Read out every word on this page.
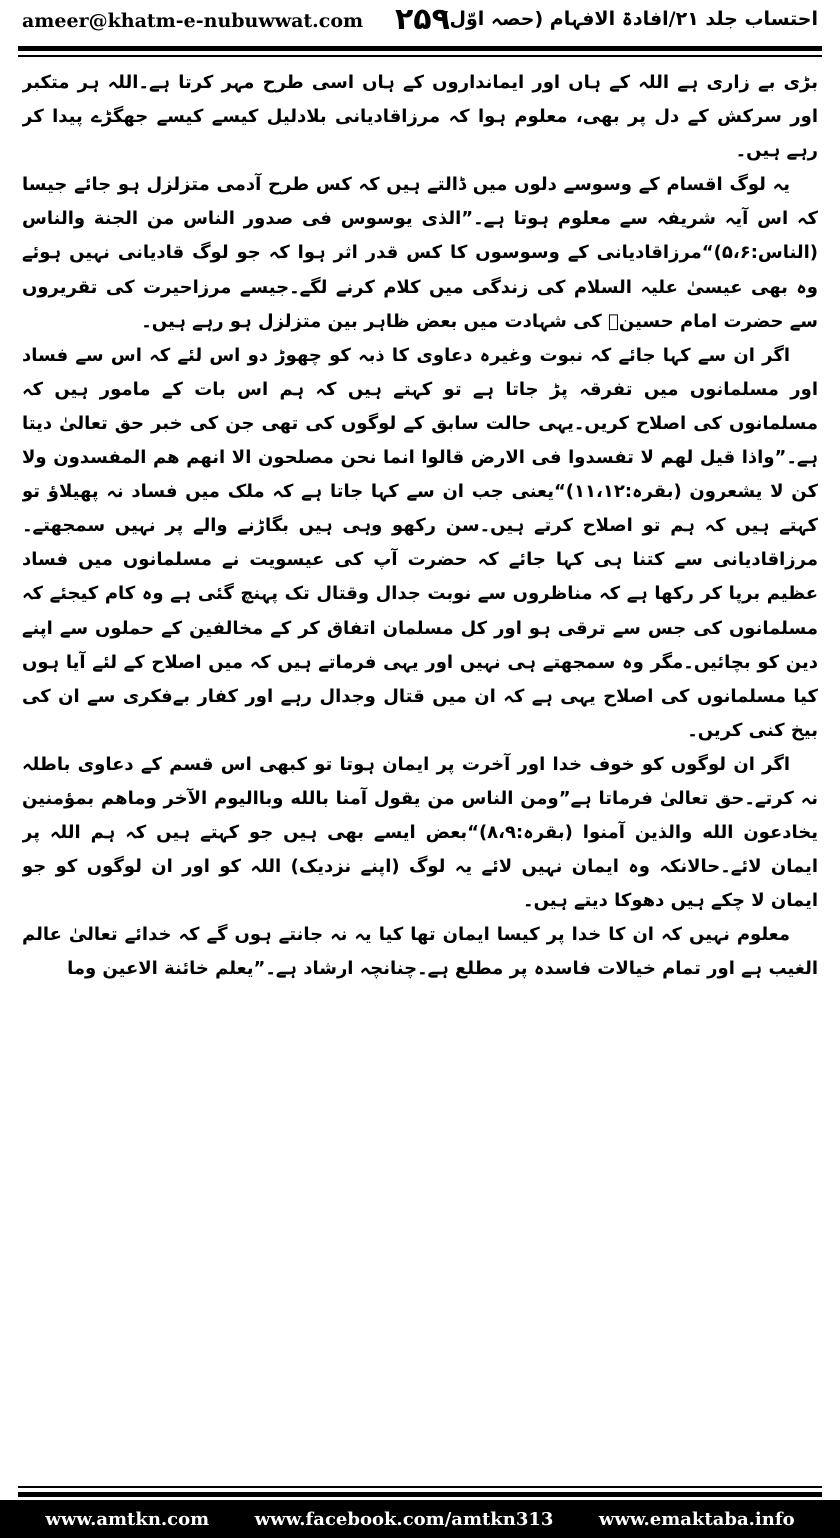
ameer@khatm-e-nubuwwat.com ۲۵۹
احتساب جلد ۲۱/افادۃ الافہام (حصہ اوّل)

بڑی بے زاری ہے اللہ کے ہاں اور ایمانداروں کے ہاں اسی طرح مہر کرتا ہے۔اللہ ہر متکبر اور سرکش کے دل پر بھی، معلوم ہوا کہ مرزاقادیانی بلادلیل کیسے کیسے جھگڑے پیدا کر رہے ہیں۔

یہ لوگ اقسام کے وسوسے دلوں میں ڈالتے ہیں کہ کس طرح آدمی متزلزل ہو جائے جیسا کہ اس آیہ شریفہ سے معلوم ہوتا ہے۔”الذی یوسوس فی صدور الناس من الجنة والناس (الناس:۵،۶)“مرزاقادیانی کے وسوسوں کا کس قدر اثر ہوا کہ جو لوگ قادیانی نہیں ہوئے وہ بھی عیسیٰ علیہ السلام کی زندگی میں کلام کرنے لگے۔جیسے مرزاحیرت کی تقریروں سے حضرت امام حسینؓ کی شہادت میں بعض ظاہر بین متزلزل ہو رہے ہیں۔

اگر ان سے کہا جائے کہ نبوت وغیرہ دعاوی کا ذبہ کو چھوڑ دو اس لئے کہ اس سے فساد اور مسلمانوں میں تفرقہ پڑ جاتا ہے تو کہتے ہیں کہ ہم اس بات کے مامور ہیں کہ مسلمانوں کی اصلاح کریں۔یہی حالت سابق کے لوگوں کی تھی جن کی خبر حق تعالیٰ دیتا ہے۔”واذا قیل لهم لا تفسدوا فی الارض قالوا انما نحن مصلحون الا انهم هم المفسدون ولا کن لا یشعرون (بقرہ:۱۱،۱۲)“یعنی جب ان سے کہا جاتا ہے کہ ملک میں فساد نہ پھیلاؤ تو کہتے ہیں کہ ہم تو اصلاح کرتے ہیں۔سن رکھو وہی ہیں بگاڑنے والے پر نہیں سمجھتے۔مرزاقادیانی سے کتنا ہی کہا جائے کہ حضرت آپ کی عیسویت نے مسلمانوں میں فساد عظیم برپا کر رکھا ہے کہ مناظروں سے نوبت جدال وقتال تک پہنچ گئی ہے وہ کام کیجئے کہ مسلمانوں کی جس سے ترقی ہو اور کل مسلمان اتفاق کر کے مخالفین کے حملوں سے اپنے دین کو بچائیں۔مگر وہ سمجھتے ہی نہیں اور یہی فرماتے ہیں کہ میں اصلاح کے لئے آیا ہوں کیا مسلمانوں کی اصلاح یہی ہے کہ ان میں قتال وجدال رہے اور کفار بےفکری سے ان کی بیخ کنی کریں۔

اگر ان لوگوں کو خوف خدا اور آخرت پر ایمان ہوتا تو کبھی اس قسم کے دعاوی باطلہ نہ کرتے۔حق تعالیٰ فرماتا ہے”ومن الناس من یقول آمنا بالله وباالیوم الآخر وماهم بمؤمنین یخادعون الله والذین آمنوا (بقرہ:۸،۹)“بعض ایسے بھی ہیں جو کہتے ہیں کہ ہم اللہ پر ایمان لائے۔حالانکہ وہ ایمان نہیں لائے یہ لوگ (اپنے نزدیک) اللہ کو اور ان لوگوں کو جو ایمان لا چکے ہیں دھوکا دیتے ہیں۔

معلوم نہیں کہ ان کا خدا پر کیسا ایمان تھا کیا یہ نہ جانتے ہوں گے کہ خدائے تعالیٰ عالم الغیب ہے اور تمام خیالات فاسدہ پر مطلع ہے۔چنانچہ ارشاد ہے۔”یعلم خائنة الاعین وما

www.amtkn.com	www.facebook.com/amtkn313	www.emaktaba.info
